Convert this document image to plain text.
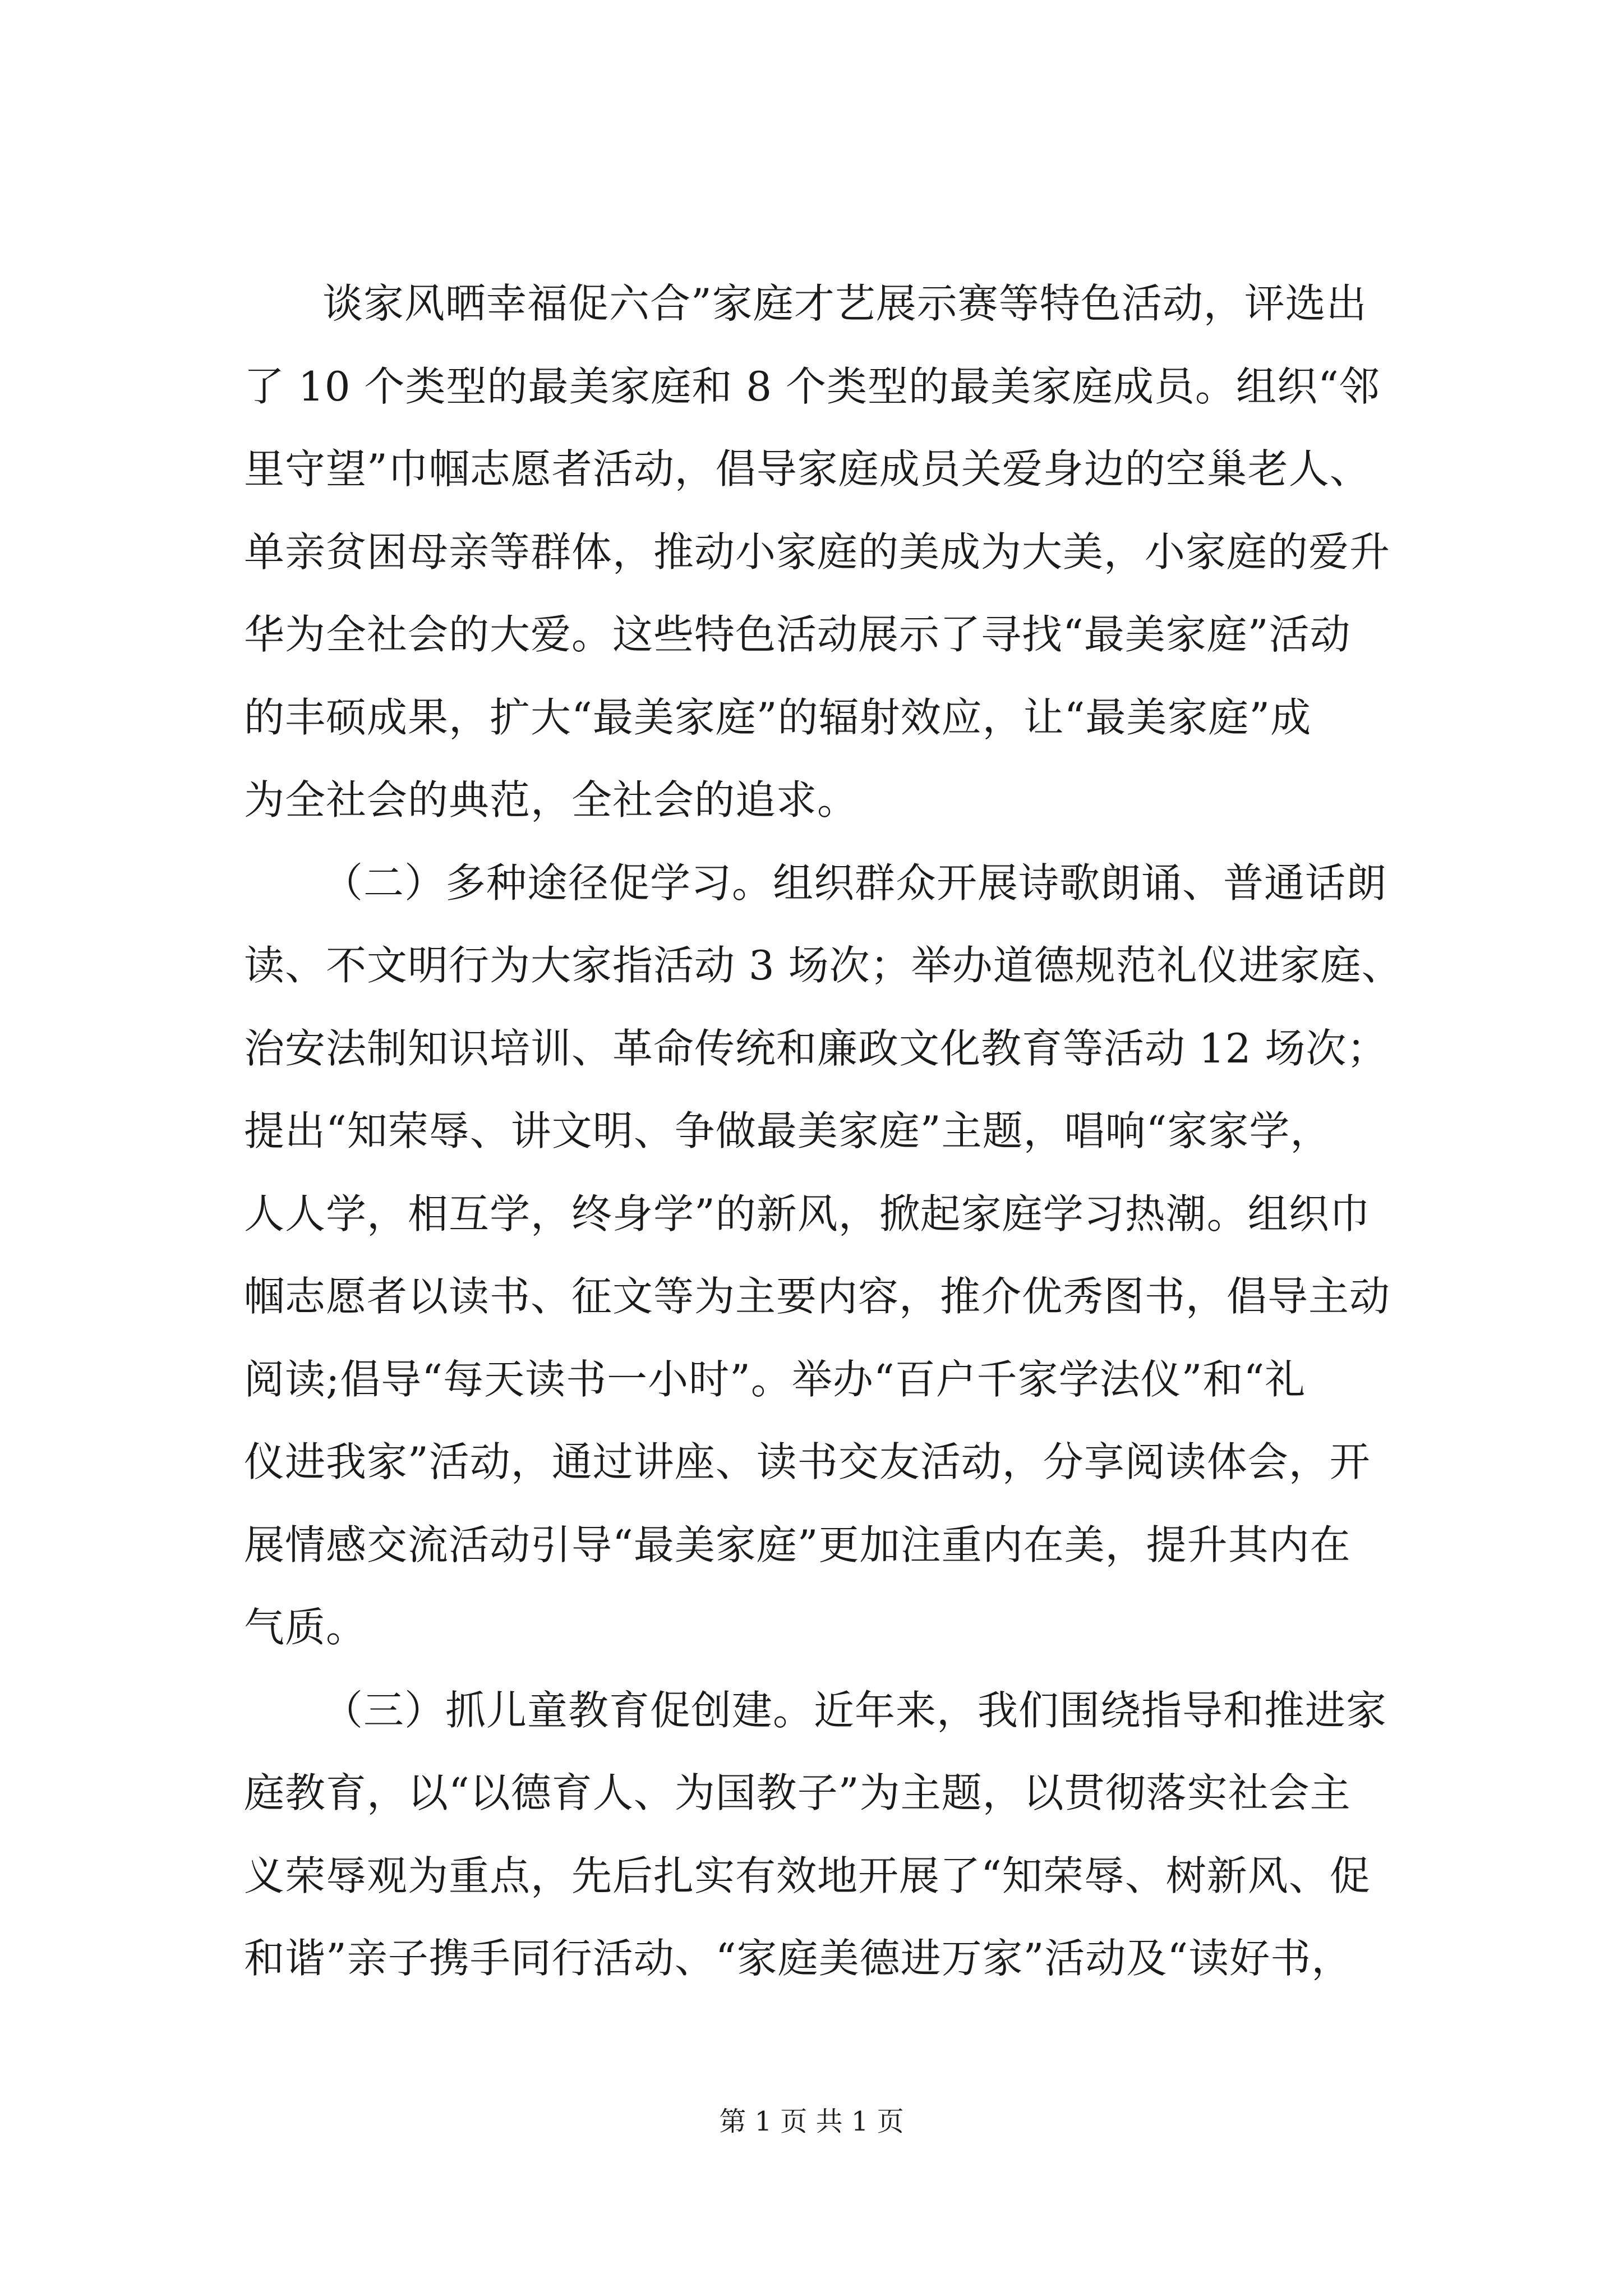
谈家风晒幸福促六合”家庭才艺展示赛等特色活动，评选出
了 10 个类型的最美家庭和 8 个类型的最美家庭成员。组织“邻
里守望”巾帼志愿者活动，倡导家庭成员关爱身边的空巢老人、
单亲贫困母亲等群体，推动小家庭的美成为大美，小家庭的爱升
华为全社会的大爱。这些特色活动展示了寻找“最美家庭”活动
的丰硕成果，扩大“最美家庭”的辐射效应，让“最美家庭”成
为全社会的典范，全社会的追求。
（二）多种途径促学习。组织群众开展诗歌朗诵、普通话朗
读、不文明行为大家指活动 3 场次；举办道德规范礼仪进家庭、
治安法制知识培训、革命传统和廉政文化教育等活动 12 场次；
提出“知荣辱、讲文明、争做最美家庭”主题，唱响“家家学，
人人学，相互学，终身学”的新风，掀起家庭学习热潮。组织巾
帼志愿者以读书、征文等为主要内容，推介优秀图书，倡导主动
阅读;倡导“每天读书一小时”。举办“百户千家学法仪”和“礼
仪进我家”活动，通过讲座、读书交友活动，分享阅读体会，开
展情感交流活动引导“最美家庭”更加注重内在美，提升其内在
气质。
（三）抓儿童教育促创建。近年来，我们围绕指导和推进家
庭教育，以“以德育人、为国教子”为主题，以贯彻落实社会主
义荣辱观为重点，先后扎实有效地开展了“知荣辱、树新风、促
和谐”亲子携手同行活动、“家庭美德进万家”活动及“读好书，
第 1 页 共 1 页
